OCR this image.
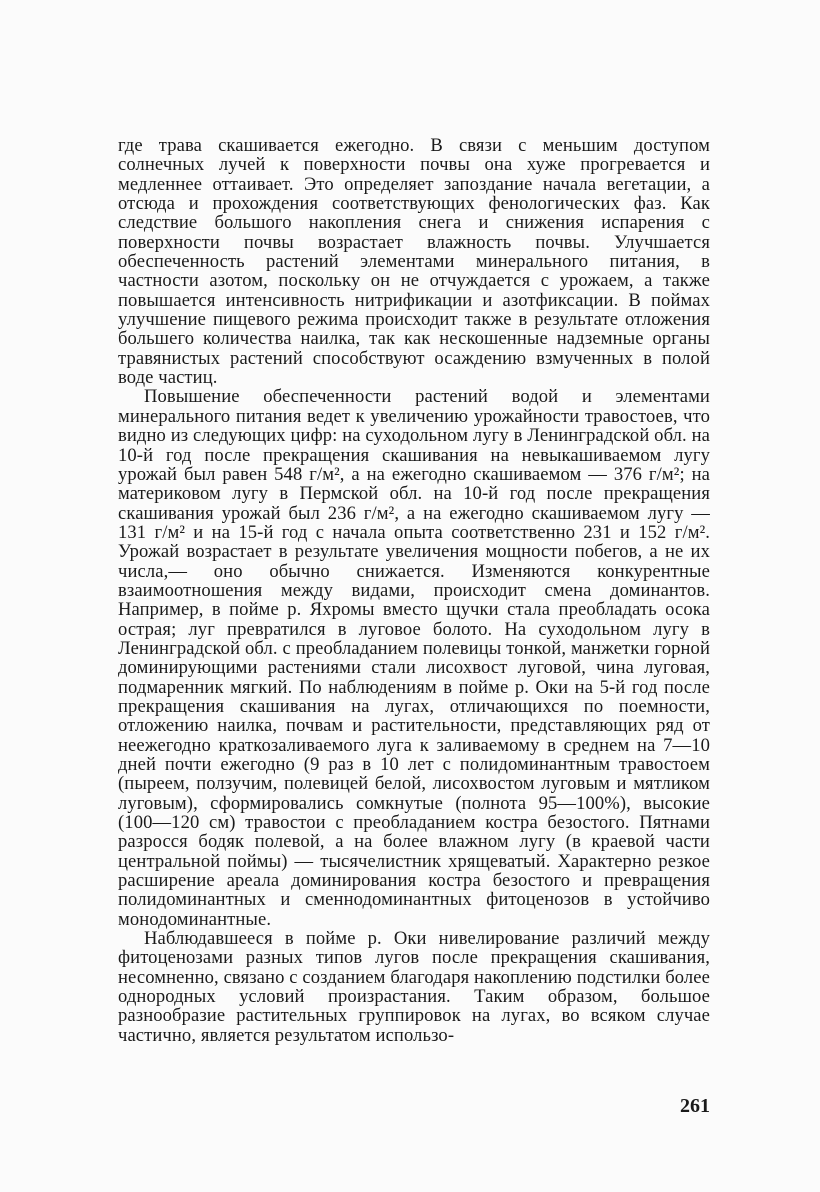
где трава скашивается ежегодно. В связи с меньшим доступом солнечных лучей к поверхности почвы она хуже прогревается и медленнее оттаивает. Это определяет запоздание начала вегетации, а отсюда и прохождения соответствующих фенологических фаз. Как следствие большого накопления снега и снижения испарения с поверхности почвы возрастает влажность почвы. Улучшается обеспеченность растений элементами минерального питания, в частности азотом, поскольку он не отчуждается с урожаем, а также повышается интенсивность нитрификации и азотфиксации. В поймах улучшение пищевого режима происходит также в результате отложения большего количества наилка, так как нескошенные надземные органы травянистых растений способствуют осаждению взмученных в полой воде частиц.

Повышение обеспеченности растений водой и элементами минерального питания ведет к увеличению урожайности травостоев, что видно из следующих цифр: на суходольном лугу в Ленинградской обл. на 10-й год после прекращения скашивания на невыкашиваемом лугу урожай был равен 548 г/м², а на ежегодно скашиваемом — 376 г/м²; на материковом лугу в Пермской обл. на 10-й год после прекращения скашивания урожай был 236 г/м², а на ежегодно скашиваемом лугу — 131 г/м² и на 15-й год с начала опыта соответственно 231 и 152 г/м². Урожай возрастает в результате увеличения мощности побегов, а не их числа,— оно обычно снижается. Изменяются конкурентные взаимоотношения между видами, происходит смена доминантов. Например, в пойме р. Яхромы вместо щучки стала преобладать осока острая; луг превратился в луговое болото. На суходольном лугу в Ленинградской обл. с преобладанием полевицы тонкой, манжетки горной доминирующими растениями стали лисохвост луговой, чина луговая, подмаренник мягкий. По наблюдениям в пойме р. Оки на 5-й год после прекращения скашивания на лугах, отличающихся по поемности, отложению наилка, почвам и растительности, представляющих ряд от неежегодно краткозаливаемого луга к заливаемому в среднем на 7—10 дней почти ежегодно (9 раз в 10 лет с полидоминантным травостоем (пыреем, ползучим, полевицей белой, лисохвостом луговым и мятликом луговым), сформировались сомкнутые (полнота 95—100%), высокие (100—120 см) травостои с преобладанием костра безостого. Пятнами разросся бодяк полевой, а на более влажном лугу (в краевой части центральной поймы) — тысячелистник хрящеватый. Характерно резкое расширение ареала доминирования костра безостого и превращения полидоминантных и сменнодоминантных фитоценозов в устойчиво монодоминантные.

Наблюдавшееся в пойме р. Оки нивелирование различий между фитоценозами разных типов лугов после прекращения скашивания, несомненно, связано с созданием благодаря накоплению подстилки более однородных условий произрастания. Таким образом, большое разнообразие растительных группировок на лугах, во всяком случае частично, является результатом использо-

261
